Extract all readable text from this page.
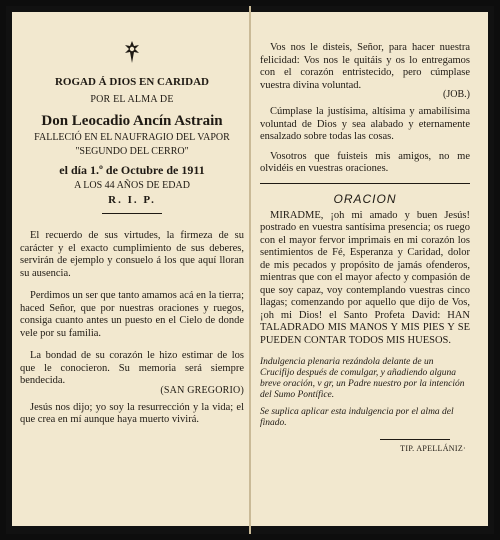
ROGAD Á DIOS EN CARIDAD
POR EL ALMA DE
Don Leocadio Ancín Astrain
FALLECIÓ EN EL NAUFRAGIO DEL VAPOR
"SEGUNDO DEL CERRO"
el día 1.º de Octubre de 1911
A LOS 44 AÑOS DE EDAD
R. I. P.
El recuerdo de sus virtudes, la firmeza de su carácter y el exacto cumplimiento de sus deberes, servirán de ejemplo y consuelo á los que aquí lloran su ausencia.
Perdimos un ser que tanto amamos acá en la tierra; haced Señor, que por nuestras oraciones y ruegos, consiga cuanto antes un puesto en el Cielo de donde vele por su familia.
La bondad de su corazón le hizo estimar de los que le conocieron. Su memoria será siempre bendecida.
(SAN GREGORIO)
Jesús nos dijo; yo soy la resurrección y la vida; el que crea en mí aunque haya muerto vivirá.
Vos nos le disteis, Señor, para hacer nuestra felicidad: Vos nos le quitáis y os lo entregamos con el corazón entristecido, pero cúmplase vuestra divina voluntad.
(JOB.)
Cúmplase la justísima, altísima y amabilísima voluntad de Dios y sea alabado y eternamente ensalzado sobre todas las cosas.
Vosotros que fuisteis mis amigos, no me olvidéis en vuestras oraciones.
ORACION
MIRADME, ¡oh mi amado y buen Jesús! postrado en vuestra santísima presencia; os ruego con el mayor fervor imprimais en mi corazón los sentimientos de Fé, Esperanza y Caridad, dolor de mis pecados y propósito de jamás ofenderos, mientras que con el mayor afecto y compasión de que soy capaz, voy contemplando vuestras cinco llagas; comenzando por aquello que dijo de Vos, ¡oh mi Dios! el Santo Profeta David: HAN TALADRADO MIS MANOS Y MIS PIES Y SE PUEDEN CONTAR TODOS MIS HUESOS.
Indulgencia plenaria rezándola delante de un Crucifijo después de comulgar, y añadiendo alguna breve oración, v gr, un Padre nuestro por la intención del Sumo Pontífice.
Se suplica aplicar esta indulgencia por el alma del finado.
TIP. APELLÁNIZ·
